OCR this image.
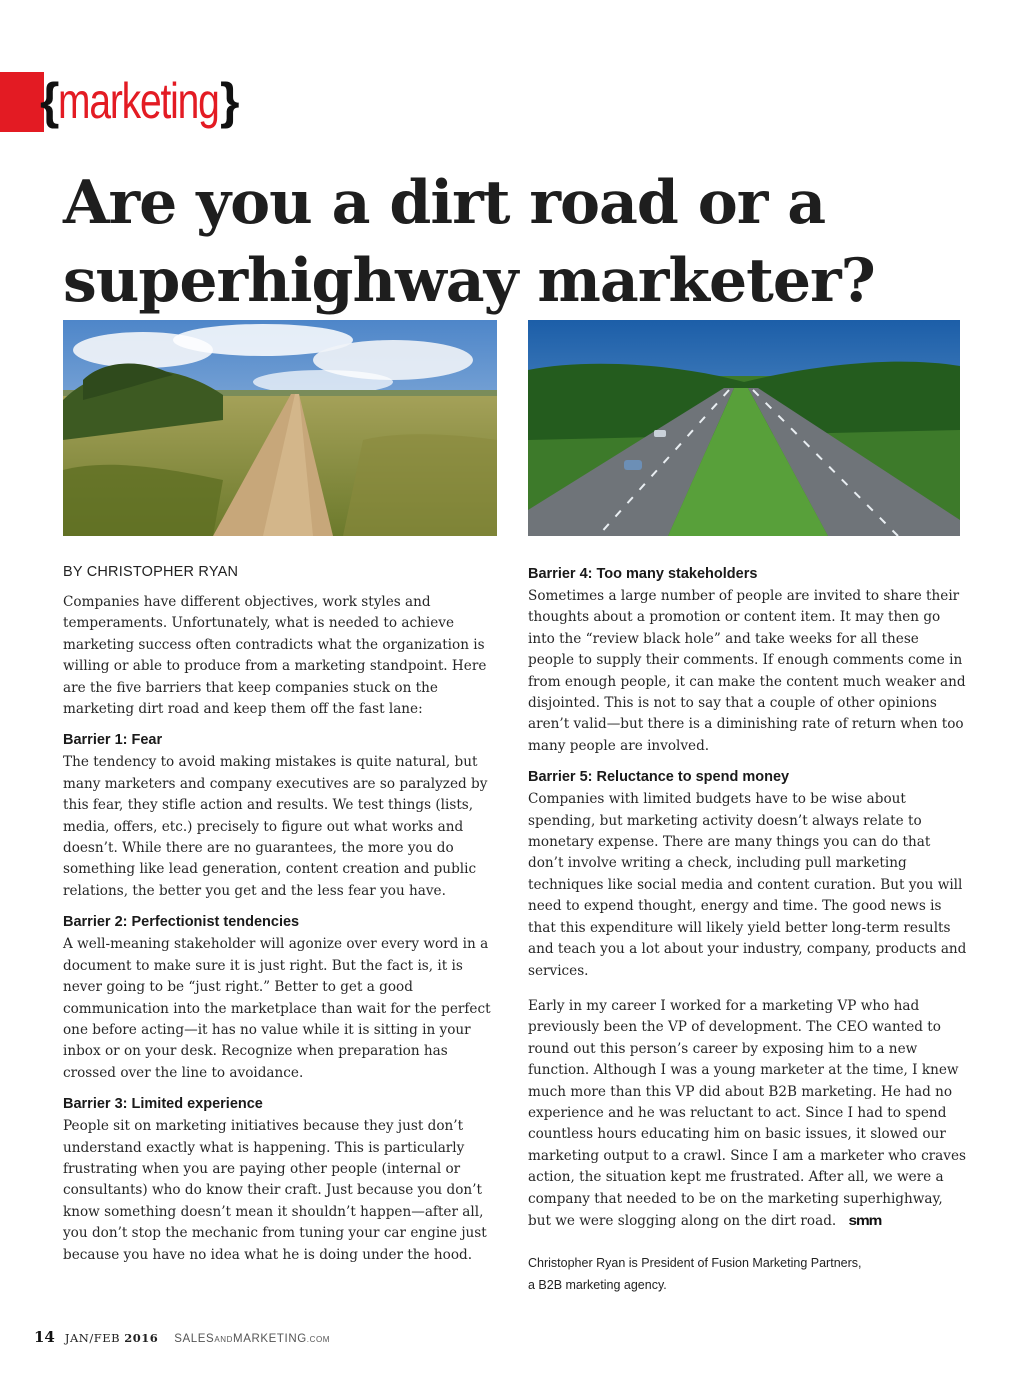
{marketing}
Are you a dirt road or a superhighway marketer?
BY CHRISTOPHER RYAN

Companies have different objectives, work styles and temperaments. Unfortunately, what is needed to achieve marketing success often contradicts what the organization is willing or able to produce from a marketing standpoint. Here are the five barriers that keep companies stuck on the marketing dirt road and keep them off the fast lane:

Barrier 1: Fear

The tendency to avoid making mistakes is quite natural, but many marketers and company executives are so paralyzed by this fear, they stifle action and results. We test things (lists, media, offers, etc.) precisely to figure out what works and doesn’t. While there are no guarantees, the more you do something like lead generation, content creation and public relations, the better you get and the less fear you have.

Barrier 2: Perfectionist tendencies

A well-meaning stakeholder will agonize over every word in a document to make sure it is just right. But the fact is, it is never going to be “just right.” Better to get a good communication into the marketplace than wait for the perfect one before acting—it has no value while it is sitting in your inbox or on your desk. Recognize when preparation has crossed over the line to avoidance.

Barrier 3: Limited experience

People sit on marketing initiatives because they just don’t understand exactly what is happening. This is particularly frustrating when you are paying other people (internal or consultants) who do know their craft. Just because you don’t know something doesn’t mean it shouldn’t happen—after all, you don’t stop the mechanic from tuning your car engine just because you have no idea what he is doing under the hood.

Barrier 4: Too many stakeholders

Sometimes a large number of people are invited to share their thoughts about a promotion or content item. It may then go into the “review black hole” and take weeks for all these people to supply their comments. If enough comments come in from enough people, it can make the content much weaker and disjointed. This is not to say that a couple of other opinions aren’t valid—but there is a diminishing rate of return when too many people are involved.

Barrier 5: Reluctance to spend money

Companies with limited budgets have to be wise about spending, but marketing activity doesn’t always relate to monetary expense. There are many things you can do that don’t involve writing a check, including pull marketing techniques like social media and content curation. But you will need to expend thought, energy and time. The good news is that this expenditure will likely yield better long-term results and teach you a lot about your industry, company, products and services.

Early in my career I worked for a marketing VP who had previously been the VP of development. The CEO wanted to round out this person’s career by exposing him to a new function. Although I was a young marketer at the time, I knew much more than this VP did about B2B marketing. He had no experience and he was reluctant to act. Since I had to spend countless hours educating him on basic issues, it slowed our marketing output to a crawl. Since I am a marketer who craves action, the situation kept me frustrated. After all, we were a company that needed to be on the marketing superhighway, but we were slogging along on the dirt road. smm

Christopher Ryan is President of Fusion Marketing Partners,
a B2B marketing agency.
14 JAN/FEB 2016 SALESANDMARKETING.COM
